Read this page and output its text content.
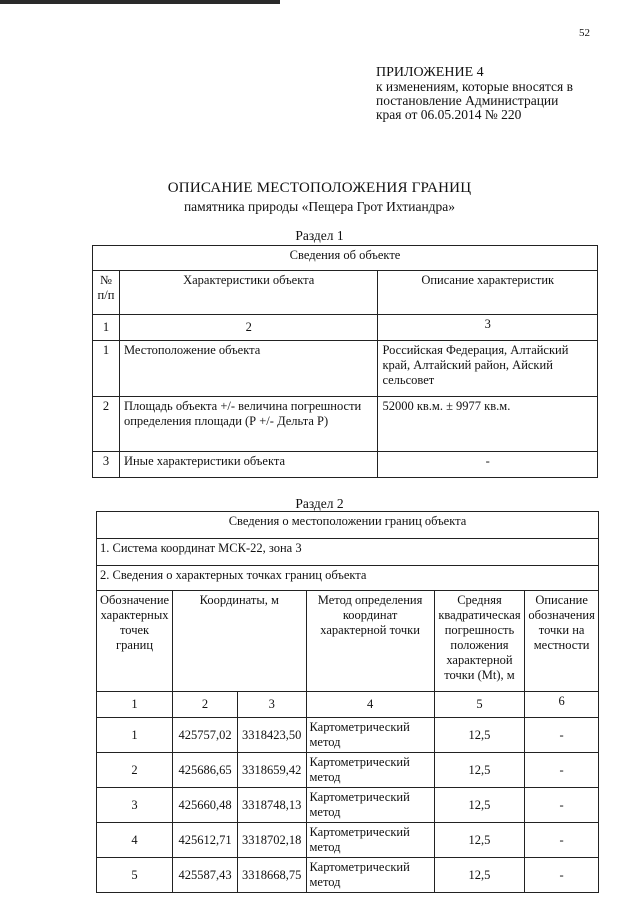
52
ПРИЛОЖЕНИЕ 4
к изменениям, которые вносятся в
постановление Администрации
края от 06.05.2014 № 220
ОПИСАНИЕ МЕСТОПОЛОЖЕНИЯ ГРАНИЦ
памятника природы «Пещера Грот Ихтиандра»
Раздел 1
Сведения об объекте		
№ п/п	Характеристики объекта	Описание характеристик
1	2	3
1	Местоположение объекта	Российская Федерация, Алтайский край, Алтайский район, Айский сельсовет
2	Площадь объекта +/- величина погрешности определения площади (Р +/- Дельта Р)	52000 кв.м. ± 9977 кв.м.
3	Иные характеристики объекта	-
Раздел 2
Сведения о местоположении границ объекта					
1. Система координат МСК-22, зона 3					
2. Сведения о характерных точках границ объекта					
Обозначение характерных точек границ	Координаты, м		Метод определения координат характерной точки	Средняя квадратическая погрешность положения характерной точки (Mt), м	Описание обозначения точки на местности
1	2	3	4	5	6
1	425757,02	3318423,50	Картометрический метод	12,5	-
2	425686,65	3318659,42	Картометрический метод	12,5	-
3	425660,48	3318748,13	Картометрический метод	12,5	-
4	425612,71	3318702,18	Картометрический метод	12,5	-
5	425587,43	3318668,75	Картометрический метод	12,5	-
